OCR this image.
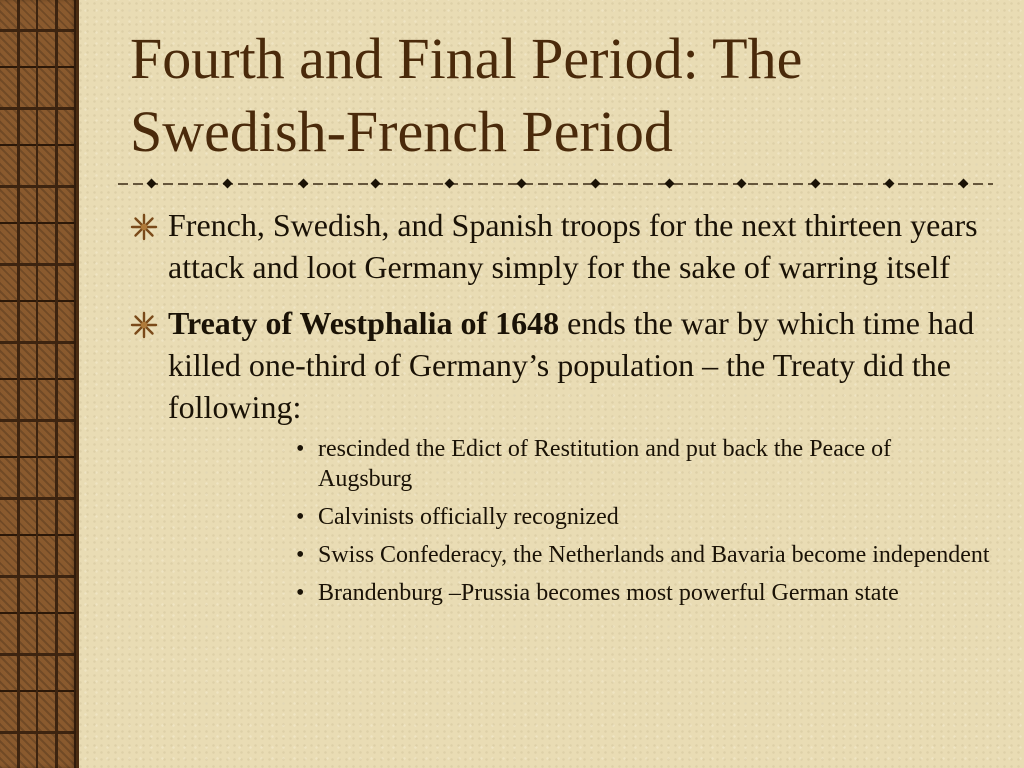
Fourth and Final Period: The Swedish-French Period
French, Swedish, and Spanish troops for the next thirteen years attack and loot Germany simply for the sake of warring itself
Treaty of Westphalia of 1648 ends the war by which time had killed one-third of Germany’s population – the Treaty did the following:
• rescinded the Edict of Restitution and put back the Peace of Augsburg
• Calvinists officially recognized
• Swiss Confederacy, the Netherlands and Bavaria become independent
• Brandenburg –Prussia becomes most powerful German state
